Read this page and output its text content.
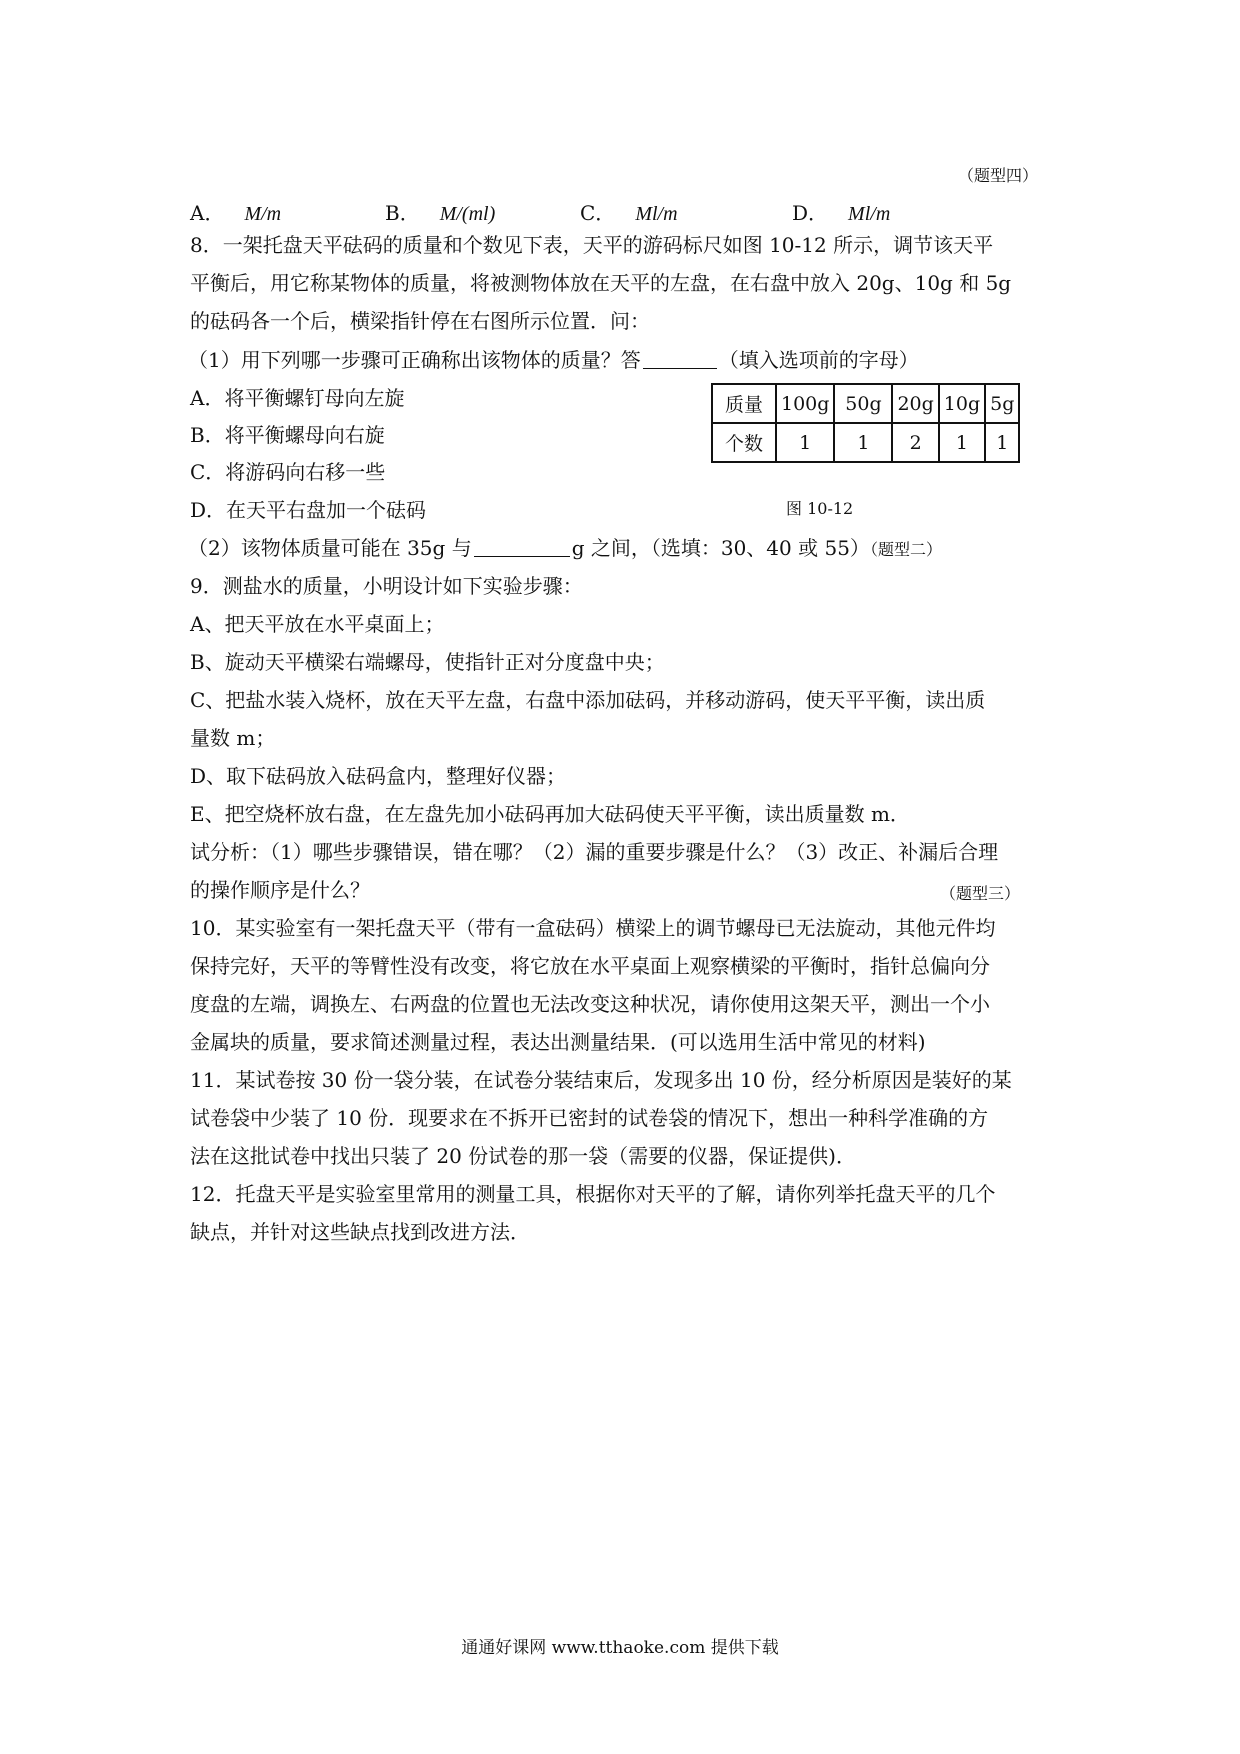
（题型四）
A． M/m	B． M/(ml)	C． Ml/m	D． Ml/m
8．一架托盘天平砝码的质量和个数见下表，天平的游码标尺如图 10-12 所示，调节该天平
平衡后，用它称某物体的质量，将被测物体放在天平的左盘，在右盘中放入 20g、10g 和 5g
的砝码各一个后，横梁指针停在右图所示位置．问：
（1）用下列哪一步骤可正确称出该物体的质量？答	（填入选项前的字母）
A．将平衡螺钉母向左旋
B．将平衡螺母向右旋
C．将游码向右移一些
D．在天平右盘加一个砝码
质量	100g	50g	20g	10g	5g
个数	1	1	2	1	1
图 10-12
（2）该物体质量可能在 35g 与	g 之间，（选填：30、40 或 55）（题型二）
9．测盐水的质量，小明设计如下实验步骤：
A、把天平放在水平桌面上；
B、旋动天平横梁右端螺母，使指针正对分度盘中央；
C、把盐水装入烧杯，放在天平左盘，右盘中添加砝码，并移动游码，使天平平衡，读出质
量数 m；
D、取下砝码放入砝码盒内，整理好仪器；
E、把空烧杯放右盘，在左盘先加小砝码再加大砝码使天平平衡，读出质量数 m．
试分析：（1）哪些步骤错误，错在哪？（2）漏的重要步骤是什么？（3）改正、补漏后合理
的操作顺序是什么？	（题型三）
10．某实验室有一架托盘天平（带有一盒砝码）横梁上的调节螺母已无法旋动，其他元件均
保持完好，天平的等臂性没有改变，将它放在水平桌面上观察横梁的平衡时，指针总偏向分
度盘的左端，调换左、右两盘的位置也无法改变这种状况，请你使用这架天平，测出一个小
金属块的质量，要求简述测量过程，表达出测量结果．(可以选用生活中常见的材料)
11．某试卷按 30 份一袋分装，在试卷分装结束后，发现多出 10 份，经分析原因是装好的某
试卷袋中少装了 10 份．现要求在不拆开已密封的试卷袋的情况下，想出一种科学准确的方
法在这批试卷中找出只装了 20 份试卷的那一袋（需要的仪器，保证提供)．
12．托盘天平是实验室里常用的测量工具，根据你对天平的了解，请你列举托盘天平的几个
缺点，并针对这些缺点找到改进方法．
通通好课网 www.tthaoke.com 提供下载
